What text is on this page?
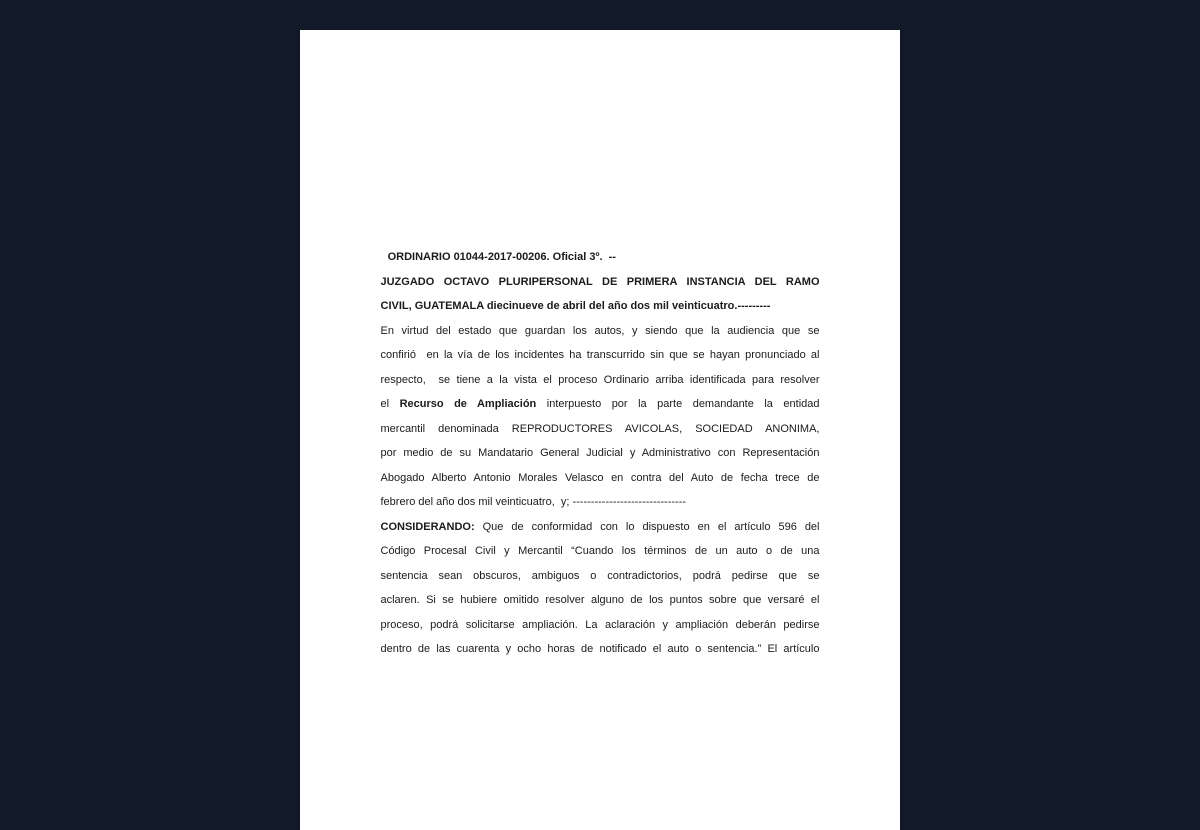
ORDINARIO 01044-2017-00206. Oficial 3º.  --
JUZGADO OCTAVO PLURIPERSONAL DE PRIMERA INSTANCIA DEL RAMO
CIVIL, GUATEMALA diecinueve de abril del año dos mil veinticuatro.---------

En virtud del estado que guardan los autos, y siendo que la audiencia que se
confirió  en la vía de los incidentes ha transcurrido sin que se hayan pronunciado al
respecto,  se tiene a la vista el proceso Ordinario arriba identificada para resolver
el Recurso de Ampliación interpuesto por la parte demandante la entidad
mercantil denominada REPRODUCTORES AVICOLAS, SOCIEDAD ANONIMA,
por medio de su Mandatario General Judicial y Administrativo con Representación
Abogado Alberto Antonio Morales Velasco en contra del Auto de fecha trece de
febrero del año dos mil veinticuatro,  y; -------------------------------

CONSIDERANDO: Que de conformidad con lo dispuesto en el artículo 596 del
Código Procesal Civil y Mercantil “Cuando los términos de un auto o de una
sentencia sean obscuros, ambiguos o contradictorios, podrá pedirse que se
aclaren. Si se hubiere omitido resolver alguno de los puntos sobre que versaré el
proceso, podrá solicitarse ampliación. La aclaración y ampliación deberán pedirse
dentro de las cuarenta y ocho horas de notificado el auto o sentencia.” El artículo
